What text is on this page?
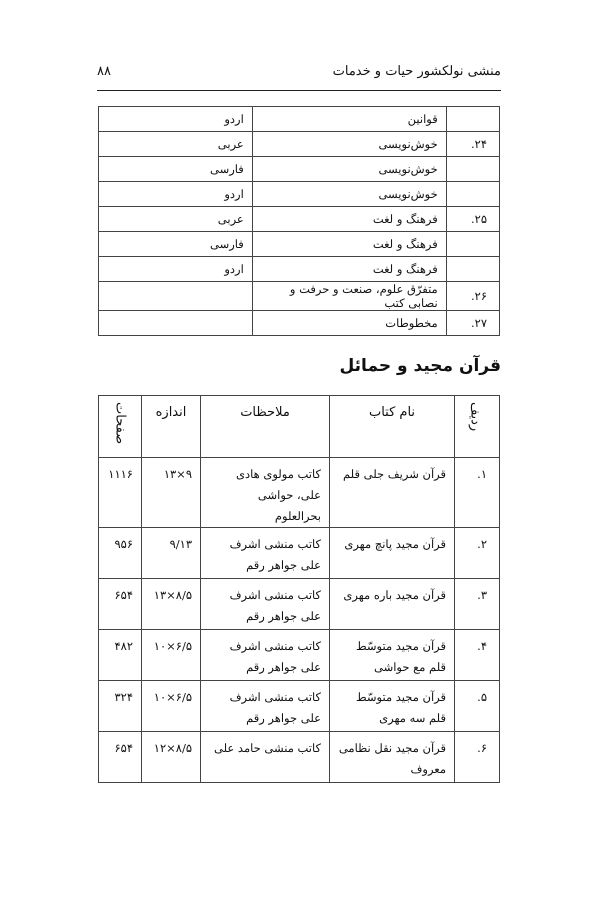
منشی نولکشور حیات و خدمات
۸۸
	قوانین	اردو
۲۴.	خوش‌نویسی	عربی
	خوش‌نویسی	فارسی
	خوش‌نویسی	اردو
۲۵.	فرهنگ و لغت	عربی
	فرهنگ و لغت	فارسی
	فرهنگ و لغت	اردو
۲۶.	متفرّق علوم، صنعت و حرفت و نصابی کتب	
۲۷.	مخطوطات	
قرآن مجید و حمائل
ردیف	نام کتاب	ملاحظات	اندازه	صفحات
۱.	قرآن شریف جلی قلم	کاتب مولوی هادی علی، حواشی بحرالعلوم	۹×۱۳	۱۱۱۶
۲.	قرآن مجید پانچ مهری	کاتب منشی اشرف علی جواهر رقم	۹/۱۳	۹۵۶
۳.	قرآن مجید باره مهری	کاتب منشی اشرف علی جواهر رقم	۸/۵×۱۳	۶۵۴
۴.	قرآن مجید متوسّط قلم مع حواشی	کاتب منشی اشرف علی جواهر رقم	۶/۵×۱۰	۴۸۲
۵.	قرآن مجید متوسّط قلم سه مهری	کاتب منشی اشرف علی جواهر رقم	۶/۵×۱۰	۳۲۴
۶.	قرآن مجید نقل نظامی معروف	کاتب منشی حامد علی	۸/۵×۱۲	۶۵۴
